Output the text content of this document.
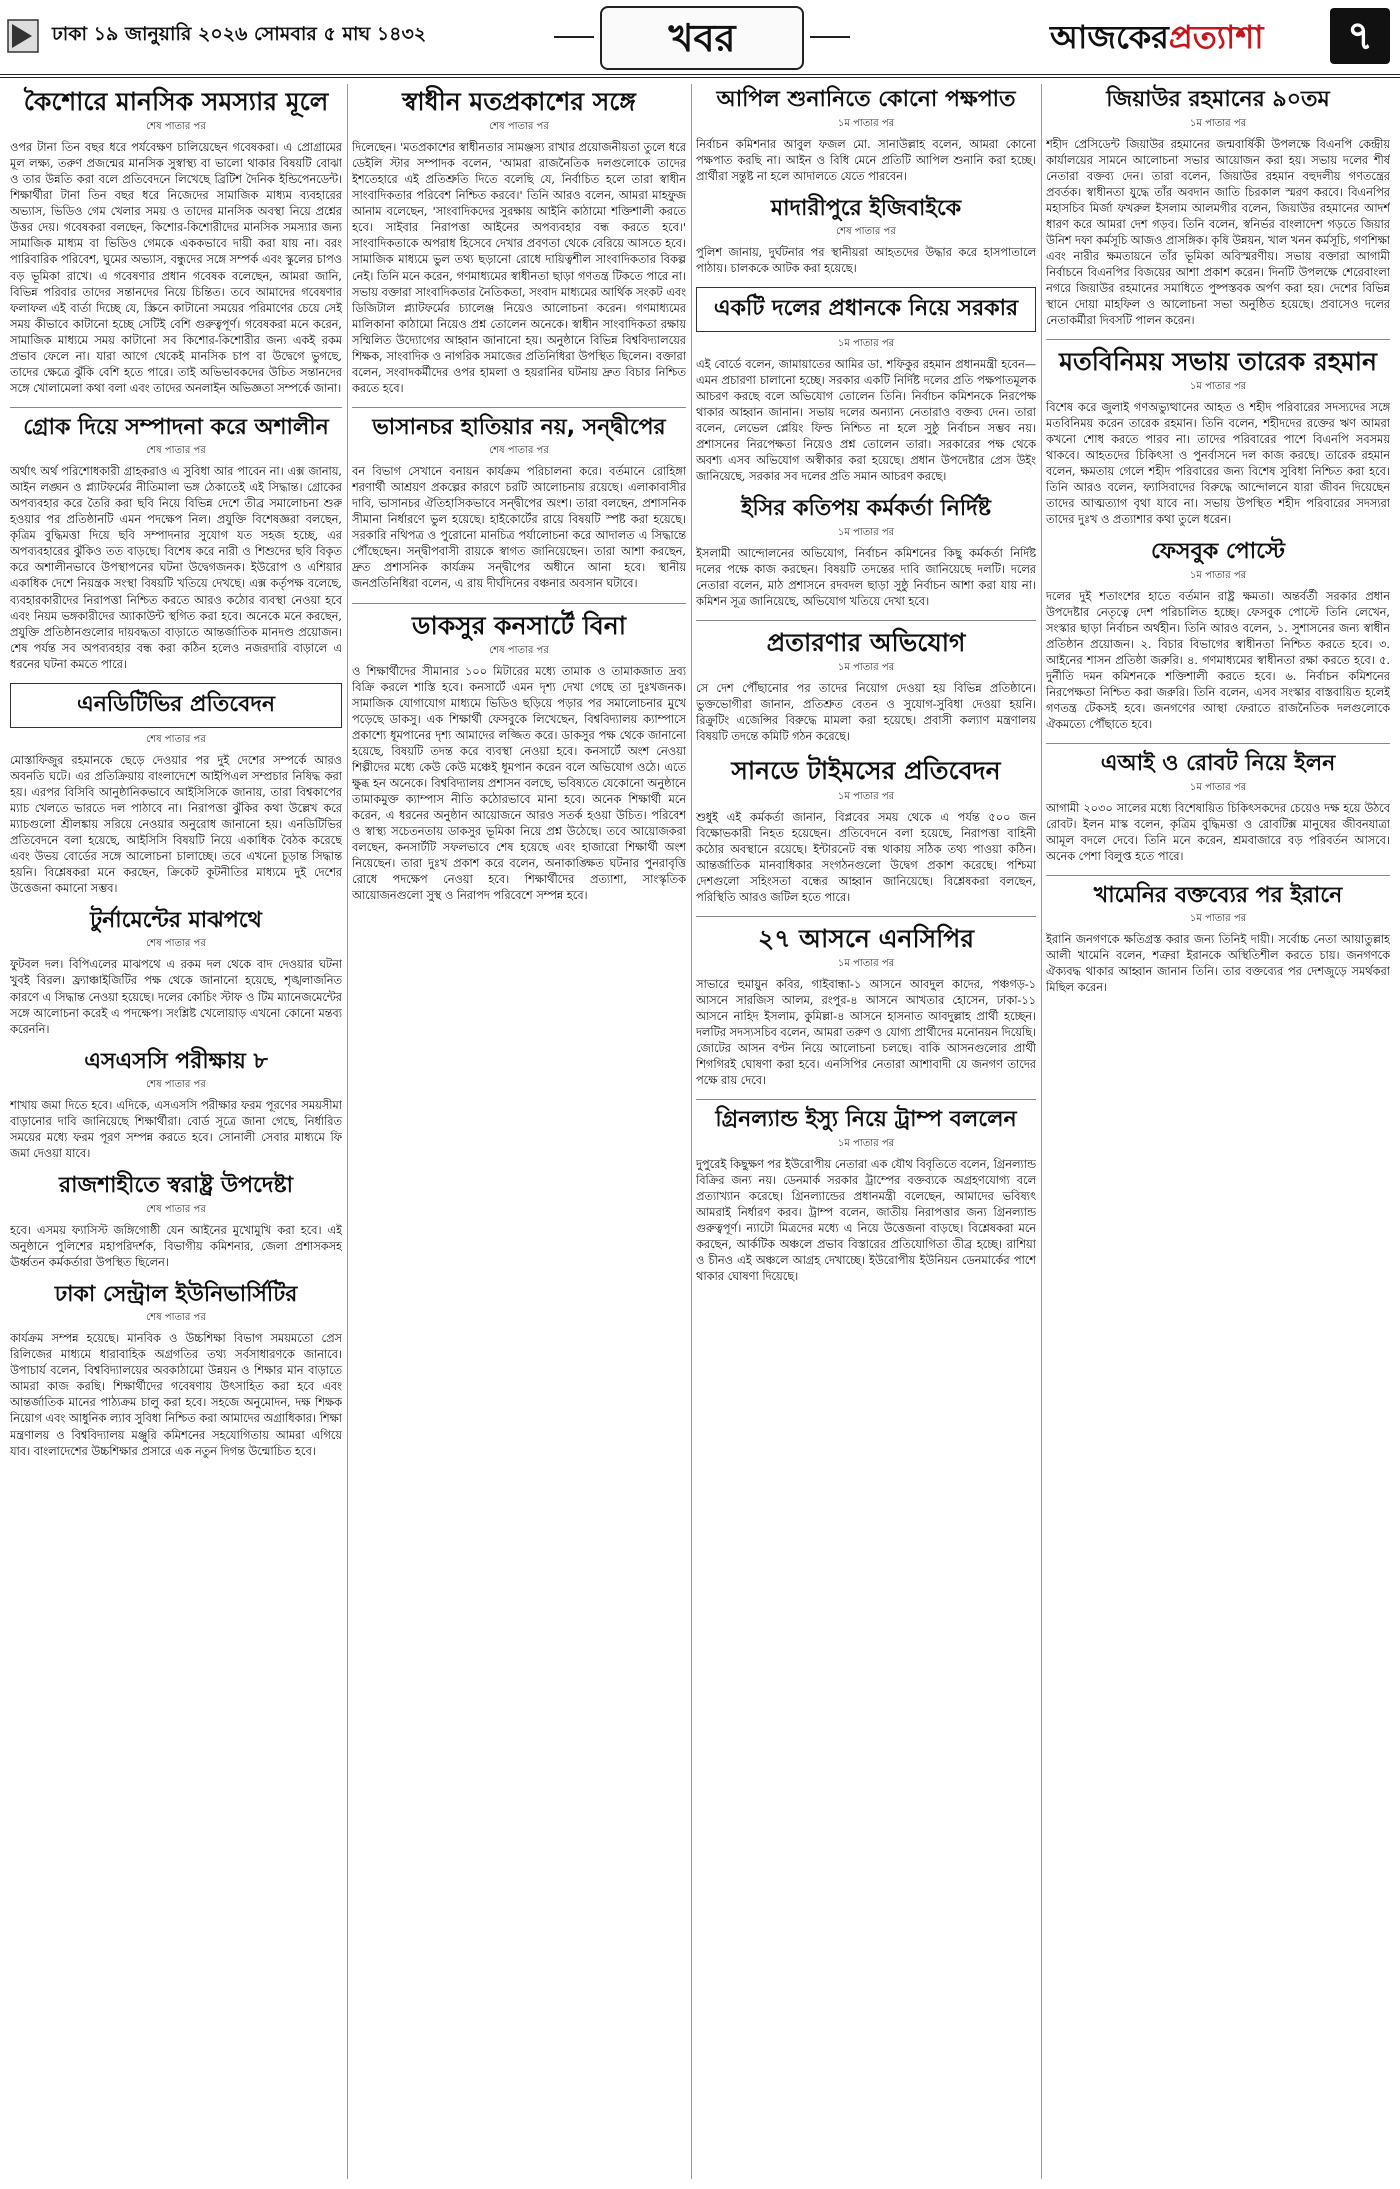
ঢাকা ১৯ জানুয়ারি ২০২৬ সোমবার ৫ মাঘ ১৪৩২	খবর	আজকেরপ্রত্যাশা	৭
কৈশোরে মানসিক সমস্যার মূলে
শেষ পাতার পর

ওপর টানা তিন বছর ধরে পর্যবেক্ষণ চালিয়েছেন গবেষকরা। এ প্রোগ্রামের মূল লক্ষ্য, তরুণ প্রজন্মের মানসিক সুস্বাস্থ্য বা ভালো থাকার বিষয়টি বোঝা ও তার উন্নতি করা বলে প্রতিবেদনে লিখেছে ব্রিটিশ দৈনিক ইন্ডিপেনডেন্ট। শিক্ষার্থীরা টানা তিন বছর ধরে নিজেদের সামাজিক মাধ্যম ব্যবহারের অভ্যাস, ভিডিও গেম খেলার সময় ও তাদের মানসিক অবস্থা নিয়ে প্রশ্নের উত্তর দেয়। গবেষকরা বলছেন, কিশোর-কিশোরীদের মানসিক সমস্যার জন্য সামাজিক মাধ্যম বা ভিডিও গেমকে এককভাবে দায়ী করা যায় না। বরং পারিবারিক পরিবেশ, ঘুমের অভ্যাস, বন্ধুদের সঙ্গে সম্পর্ক এবং স্কুলের চাপও বড় ভূমিকা রাখে। এ গবেষণার প্রধান গবেষক বলেছেন, আমরা জানি, বিভিন্ন পরিবার তাদের সন্তানদের নিয়ে চিন্তিত। তবে আমাদের গবেষণার ফলাফল এই বার্তা দিচ্ছে যে, স্ক্রিনে কাটানো সময়ের পরিমাণের চেয়ে সেই সময় কীভাবে কাটানো হচ্ছে সেটিই বেশি গুরুত্বপূর্ণ। গবেষকরা মনে করেন, সামাজিক মাধ্যমে সময় কাটানো সব কিশোর-কিশোরীর জন্য একই রকম প্রভাব ফেলে না। যারা আগে থেকেই মানসিক চাপ বা উদ্বেগে ভুগছে, তাদের ক্ষেত্রে ঝুঁকি বেশি হতে পারে। তাই অভিভাবকদের উচিত সন্তানদের সঙ্গে খোলামেলা কথা বলা এবং তাদের অনলাইন অভিজ্ঞতা সম্পর্কে জানা।

গ্রোক দিয়ে সম্পাদনা করে অশালীন
শেষ পাতার পর

অর্থাৎ অর্থ পরিশোধকারী গ্রাহকরাও এ সুবিধা আর পাবেন না। এক্স জানায়, আইন লঙ্ঘন ও প্ল্যাটফর্মের নীতিমালা ভঙ্গ ঠেকাতেই এই সিদ্ধান্ত। গ্রোকের অপব্যবহার করে তৈরি করা ছবি নিয়ে বিভিন্ন দেশে তীব্র সমালোচনা শুরু হওয়ার পর প্রতিষ্ঠানটি এমন পদক্ষেপ নিল। প্রযুক্তি বিশেষজ্ঞরা বলছেন, কৃত্রিম বুদ্ধিমত্তা দিয়ে ছবি সম্পাদনার সুযোগ যত সহজ হচ্ছে, এর অপব্যবহারের ঝুঁকিও তত বাড়ছে। বিশেষ করে নারী ও শিশুদের ছবি বিকৃত করে অশালীনভাবে উপস্থাপনের ঘটনা উদ্বেগজনক। ইউরোপ ও এশিয়ার একাধিক দেশে নিয়ন্ত্রক সংস্থা বিষয়টি খতিয়ে দেখছে। এক্স কর্তৃপক্ষ বলেছে, ব্যবহারকারীদের নিরাপত্তা নিশ্চিত করতে আরও কঠোর ব্যবস্থা নেওয়া হবে এবং নিয়ম ভঙ্গকারীদের অ্যাকাউন্ট স্থগিত করা হবে। অনেকে মনে করছেন, প্রযুক্তি প্রতিষ্ঠানগুলোর দায়বদ্ধতা বাড়াতে আন্তর্জাতিক মানদণ্ড প্রয়োজন। শেষ পর্যন্ত সব অপব্যবহার বন্ধ করা কঠিন হলেও নজরদারি বাড়ালে এ ধরনের ঘটনা কমতে পারে।

এনডিটিভির প্রতিবেদন
শেষ পাতার পর

মোস্তাফিজুর রহমানকে ছেড়ে দেওয়ার পর দুই দেশের সম্পর্কে আরও অবনতি ঘটে। এর প্রতিক্রিয়ায় বাংলাদেশে আইপিএল সম্প্রচার নিষিদ্ধ করা হয়। এরপর বিসিবি আনুষ্ঠানিকভাবে আইসিসিকে জানায়, তারা বিশ্বকাপের ম্যাচ খেলতে ভারতে দল পাঠাবে না। নিরাপত্তা ঝুঁকির কথা উল্লেখ করে ম্যাচগুলো শ্রীলঙ্কায় সরিয়ে নেওয়ার অনুরোধ জানানো হয়। এনডিটিভির প্রতিবেদনে বলা হয়েছে, আইসিসি বিষয়টি নিয়ে একাধিক বৈঠক করেছে এবং উভয় বোর্ডের সঙ্গে আলোচনা চালাচ্ছে। তবে এখনো চূড়ান্ত সিদ্ধান্ত হয়নি। বিশ্লেষকরা মনে করছেন, ক্রিকেট কূটনীতির মাধ্যমে দুই দেশের উত্তেজনা কমানো সম্ভব।

টুর্নামেন্টের মাঝপথে
শেষ পাতার পর

ফুটবল দল। বিপিএলের মাঝপথে এ রকম দল থেকে বাদ দেওয়ার ঘটনা খুবই বিরল। ফ্র্যাঞ্চাইজিটির পক্ষ থেকে জানানো হয়েছে, শৃঙ্খলাজনিত কারণে এ সিদ্ধান্ত নেওয়া হয়েছে। দলের কোচিং স্টাফ ও টিম ম্যানেজমেন্টের সঙ্গে আলোচনা করেই এ পদক্ষেপ। সংশ্লিষ্ট খেলোয়াড় এখনো কোনো মন্তব্য করেননি।

এসএসসি পরীক্ষায় ৮
শেষ পাতার পর

শাখায় জমা দিতে হবে। এদিকে, এসএসসি পরীক্ষার ফরম পূরণের সময়সীমা বাড়ানোর দাবি জানিয়েছে শিক্ষার্থীরা। বোর্ড সূত্রে জানা গেছে, নির্ধারিত সময়ের মধ্যে ফরম পূরণ সম্পন্ন করতে হবে। সোনালী সেবার মাধ্যমে ফি জমা দেওয়া যাবে।

রাজশাহীতে স্বরাষ্ট্র উপদেষ্টা
শেষ পাতার পর

হবে। এসময় ফ্যাসিস্ট জঙ্গিগোষ্ঠী যেন আইনের মুখোমুখি করা হবে। এই অনুষ্ঠানে পুলিশের মহাপরিদর্শক, বিভাগীয় কমিশনার, জেলা প্রশাসকসহ ঊর্ধ্বতন কর্মকর্তারা উপস্থিত ছিলেন।

ঢাকা সেন্ট্রাল ইউনিভার্সিটির
শেষ পাতার পর

কার্যক্রম সম্পন্ন হয়েছে। মানবিক ও উচ্চশিক্ষা বিভাগ সময়মতো প্রেস রিলিজের মাধ্যমে ধারাবাহিক অগ্রগতির তথ্য সর্বসাধারণকে জানাবে। উপাচার্য বলেন, বিশ্ববিদ্যালয়ের অবকাঠামো উন্নয়ন ও শিক্ষার মান বাড়াতে আমরা কাজ করছি। শিক্ষার্থীদের গবেষণায় উৎসাহিত করা হবে এবং আন্তর্জাতিক মানের পাঠ্যক্রম চালু করা হবে। সহজে অনুমোদন, দক্ষ শিক্ষক নিয়োগ এবং আধুনিক ল্যাব সুবিধা নিশ্চিত করা আমাদের অগ্রাধিকার। শিক্ষা মন্ত্রণালয় ও বিশ্ববিদ্যালয় মঞ্জুরি কমিশনের সহযোগিতায় আমরা এগিয়ে যাব। বাংলাদেশের উচ্চশিক্ষার প্রসারে এক নতুন দিগন্ত উন্মোচিত হবে।

স্বাধীন মতপ্রকাশের সঙ্গে
শেষ পাতার পর

দিলেছেন। 'মতপ্রকাশের স্বাধীনতার সামঞ্জস্য রাখার প্রয়োজনীয়তা তুলে ধরে ডেইলি স্টার সম্পাদক বলেন, 'আমরা রাজনৈতিক দলগুলোকে তাদের ইশতেহারে এই প্রতিশ্রুতি দিতে বলেছি যে, নির্বাচিত হলে তারা স্বাধীন সাংবাদিকতার পরিবেশ নিশ্চিত করবে।' তিনি আরও বলেন, আমরা মাহফুজ আনাম বলেছেন, 'সাংবাদিকদের সুরক্ষায় আইনি কাঠামো শক্তিশালী করতে হবে। সাইবার নিরাপত্তা আইনের অপব্যবহার বন্ধ করতে হবে।' সাংবাদিকতাকে অপরাধ হিসেবে দেখার প্রবণতা থেকে বেরিয়ে আসতে হবে। সামাজিক মাধ্যমে ভুল তথ্য ছড়ানো রোধে দায়িত্বশীল সাংবাদিকতার বিকল্প নেই। তিনি মনে করেন, গণমাধ্যমের স্বাধীনতা ছাড়া গণতন্ত্র টিকতে পারে না। সভায় বক্তারা সাংবাদিকতার নৈতিকতা, সংবাদ মাধ্যমের আর্থিক সংকট এবং ডিজিটাল প্ল্যাটফর্মের চ্যালেঞ্জ নিয়েও আলোচনা করেন। গণমাধ্যমের মালিকানা কাঠামো নিয়েও প্রশ্ন তোলেন অনেকে। স্বাধীন সাংবাদিকতা রক্ষায় সম্মিলিত উদ্যোগের আহ্বান জানানো হয়। অনুষ্ঠানে বিভিন্ন বিশ্ববিদ্যালয়ের শিক্ষক, সাংবাদিক ও নাগরিক সমাজের প্রতিনিধিরা উপস্থিত ছিলেন। বক্তারা বলেন, সংবাদকর্মীদের ওপর হামলা ও হয়রানির ঘটনায় দ্রুত বিচার নিশ্চিত করতে হবে।

ভাসানচর হাতিয়ার নয়, সন্দ্বীপের
শেষ পাতার পর

বন বিভাগ সেখানে বনায়ন কার্যক্রম পরিচালনা করে। বর্তমানে রোহিঙ্গা শরণার্থী আশ্রয়ণ প্রকল্পের কারণে চরটি আলোচনায় রয়েছে। এলাকাবাসীর দাবি, ভাসানচর ঐতিহাসিকভাবে সন্দ্বীপের অংশ। তারা বলছেন, প্রশাসনিক সীমানা নির্ধারণে ভুল হয়েছে। হাইকোর্টের রায়ে বিষয়টি স্পষ্ট করা হয়েছে। সরকারি নথিপত্র ও পুরোনো মানচিত্র পর্যালোচনা করে আদালত এ সিদ্ধান্তে পৌঁছেছেন। সন্দ্বীপবাসী রায়কে স্বাগত জানিয়েছেন। তারা আশা করছেন, দ্রুত প্রশাসনিক কার্যক্রম সন্দ্বীপের অধীনে আনা হবে। স্থানীয় জনপ্রতিনিধিরা বলেন, এ রায় দীর্ঘদিনের বঞ্চনার অবসান ঘটাবে।

ডাকসুর কনসার্টে বিনা
শেষ পাতার পর

ও শিক্ষার্থীদের সীমানার ১০০ মিটারের মধ্যে তামাক ও তামাকজাত দ্রব্য বিক্রি করলে শাস্তি হবে। কনসার্টে এমন দৃশ্য দেখা গেছে তা দুঃখজনক। সামাজিক যোগাযোগ মাধ্যমে ভিডিও ছড়িয়ে পড়ার পর সমালোচনার মুখে পড়েছে ডাকসু। এক শিক্ষার্থী ফেসবুকে লিখেছেন, বিশ্ববিদ্যালয় ক্যাম্পাসে প্রকাশ্যে ধূমপানের দৃশ্য আমাদের লজ্জিত করে। ডাকসুর পক্ষ থেকে জানানো হয়েছে, বিষয়টি তদন্ত করে ব্যবস্থা নেওয়া হবে। কনসার্টে অংশ নেওয়া শিল্পীদের মধ্যে কেউ কেউ মঞ্চেই ধূমপান করেন বলে অভিযোগ ওঠে। এতে ক্ষুব্ধ হন অনেকে। বিশ্ববিদ্যালয় প্রশাসন বলছে, ভবিষ্যতে যেকোনো অনুষ্ঠানে তামাকমুক্ত ক্যাম্পাস নীতি কঠোরভাবে মানা হবে। অনেক শিক্ষার্থী মনে করেন, এ ধরনের অনুষ্ঠান আয়োজনে আরও সতর্ক হওয়া উচিত। পরিবেশ ও স্বাস্থ্য সচেতনতায় ডাকসুর ভূমিকা নিয়ে প্রশ্ন উঠেছে। তবে আয়োজকরা বলছেন, কনসার্টটি সফলভাবে শেষ হয়েছে এবং হাজারো শিক্ষার্থী অংশ নিয়েছেন। তারা দুঃখ প্রকাশ করে বলেন, অনাকাঙ্ক্ষিত ঘটনার পুনরাবৃত্তি রোধে পদক্ষেপ নেওয়া হবে। শিক্ষার্থীদের প্রত্যাশা, সাংস্কৃতিক আয়োজনগুলো সুস্থ ও নিরাপদ পরিবেশে সম্পন্ন হবে।

আপিল শুনানিতে কোনো পক্ষপাত
১ম পাতার পর

নির্বাচন কমিশনার আবুল ফজল মো. সানাউল্লাহ বলেন, আমরা কোনো পক্ষপাত করছি না। আইন ও বিধি মেনে প্রতিটি আপিল শুনানি করা হচ্ছে। প্রার্থীরা সন্তুষ্ট না হলে আদালতে যেতে পারবেন।

মাদারীপুরে ইজিবাইকে
শেষ পাতার পর

পুলিশ জানায়, দুর্ঘটনার পর স্থানীয়রা আহতদের উদ্ধার করে হাসপাতালে পাঠায়। চালককে আটক করা হয়েছে।

একটি দলের প্রধানকে নিয়ে সরকার
১ম পাতার পর

এই বোর্ডে বলেন, জামায়াতের আমির ডা. শফিকুর রহমান প্রধানমন্ত্রী হবেন—এমন প্রচারণা চালানো হচ্ছে। সরকার একটি নির্দিষ্ট দলের প্রতি পক্ষপাতমূলক আচরণ করছে বলে অভিযোগ তোলেন তিনি। নির্বাচন কমিশনকে নিরপেক্ষ থাকার আহ্বান জানান। সভায় দলের অন্যান্য নেতারাও বক্তব্য দেন। তারা বলেন, লেভেল প্লেয়িং ফিল্ড নিশ্চিত না হলে সুষ্ঠু নির্বাচন সম্ভব নয়। প্রশাসনের নিরপেক্ষতা নিয়েও প্রশ্ন তোলেন তারা। সরকারের পক্ষ থেকে অবশ্য এসব অভিযোগ অস্বীকার করা হয়েছে। প্রধান উপদেষ্টার প্রেস উইং জানিয়েছে, সরকার সব দলের প্রতি সমান আচরণ করছে।

ইসির কতিপয় কর্মকর্তা নির্দিষ্ট
১ম পাতার পর

ইসলামী আন্দোলনের অভিযোগ, নির্বাচন কমিশনের কিছু কর্মকর্তা নির্দিষ্ট দলের পক্ষে কাজ করছেন। বিষয়টি তদন্তের দাবি জানিয়েছে দলটি। দলের নেতারা বলেন, মাঠ প্রশাসনে রদবদল ছাড়া সুষ্ঠু নির্বাচন আশা করা যায় না। কমিশন সূত্র জানিয়েছে, অভিযোগ খতিয়ে দেখা হবে।

প্রতারণার অভিযোগ
১ম পাতার পর

সে দেশ পৌঁছানোর পর তাদের নিয়োগ দেওয়া হয় বিভিন্ন প্রতিষ্ঠানে। ভুক্তভোগীরা জানান, প্রতিশ্রুত বেতন ও সুযোগ-সুবিধা দেওয়া হয়নি। রিক্রুটিং এজেন্সির বিরুদ্ধে মামলা করা হয়েছে। প্রবাসী কল্যাণ মন্ত্রণালয় বিষয়টি তদন্তে কমিটি গঠন করেছে।

সানডে টাইমসের প্রতিবেদন
১ম পাতার পর

শুধুই এই কর্মকর্তা জানান, বিপ্লবের সময় থেকে এ পর্যন্ত ৫০০ জন বিক্ষোভকারী নিহত হয়েছেন। প্রতিবেদনে বলা হয়েছে, নিরাপত্তা বাহিনী কঠোর অবস্থানে রয়েছে। ইন্টারনেট বন্ধ থাকায় সঠিক তথ্য পাওয়া কঠিন। আন্তর্জাতিক মানবাধিকার সংগঠনগুলো উদ্বেগ প্রকাশ করেছে। পশ্চিমা দেশগুলো সহিংসতা বন্ধের আহ্বান জানিয়েছে। বিশ্লেষকরা বলছেন, পরিস্থিতি আরও জটিল হতে পারে।

২৭ আসনে এনসিপির
১ম পাতার পর

সাভারে হুমায়ুন কবির, গাইবান্ধা-১ আসনে আবদুল কাদের, পঞ্চগড়-১ আসনে সারজিস আলম, রংপুর-৪ আসনে আখতার হোসেন, ঢাকা-১১ আসনে নাহিদ ইসলাম, কুমিল্লা-৪ আসনে হাসনাত আবদুল্লাহ প্রার্থী হচ্ছেন। দলটির সদস্যসচিব বলেন, আমরা তরুণ ও যোগ্য প্রার্থীদের মনোনয়ন দিয়েছি। জোটের আসন বণ্টন নিয়ে আলোচনা চলছে। বাকি আসনগুলোর প্রার্থী শিগগিরই ঘোষণা করা হবে। এনসিপির নেতারা আশাবাদী যে জনগণ তাদের পক্ষে রায় দেবে।

গ্রিনল্যান্ড ইস্যু নিয়ে ট্রাম্প বললেন
১ম পাতার পর

দুপুরেই কিছুক্ষণ পর ইউরোপীয় নেতারা এক যৌথ বিবৃতিতে বলেন, গ্রিনল্যান্ড বিক্রির জন্য নয়। ডেনমার্ক সরকার ট্রাম্পের বক্তব্যকে অগ্রহণযোগ্য বলে প্রত্যাখ্যান করেছে। গ্রিনল্যান্ডের প্রধানমন্ত্রী বলেছেন, আমাদের ভবিষ্যৎ আমরাই নির্ধারণ করব। ট্রাম্প বলেন, জাতীয় নিরাপত্তার জন্য গ্রিনল্যান্ড গুরুত্বপূর্ণ। ন্যাটো মিত্রদের মধ্যে এ নিয়ে উত্তেজনা বাড়ছে। বিশ্লেষকরা মনে করছেন, আর্কটিক অঞ্চলে প্রভাব বিস্তারের প্রতিযোগিতা তীব্র হচ্ছে। রাশিয়া ও চীনও এই অঞ্চলে আগ্রহ দেখাচ্ছে। ইউরোপীয় ইউনিয়ন ডেনমার্কের পাশে থাকার ঘোষণা দিয়েছে।

জিয়াউর রহমানের ৯০তম
১ম পাতার পর

শহীদ প্রেসিডেন্ট জিয়াউর রহমানের জন্মবার্ষিকী উপলক্ষে বিএনপি কেন্দ্রীয় কার্যালয়ের সামনে আলোচনা সভার আয়োজন করা হয়। সভায় দলের শীর্ষ নেতারা বক্তব্য দেন। তারা বলেন, জিয়াউর রহমান বহুদলীয় গণতন্ত্রের প্রবর্তক। স্বাধীনতা যুদ্ধে তাঁর অবদান জাতি চিরকাল স্মরণ করবে। বিএনপির মহাসচিব মির্জা ফখরুল ইসলাম আলমগীর বলেন, জিয়াউর রহমানের আদর্শ ধারণ করে আমরা দেশ গড়ব। তিনি বলেন, স্বনির্ভর বাংলাদেশ গড়তে জিয়ার উনিশ দফা কর্মসূচি আজও প্রাসঙ্গিক। কৃষি উন্নয়ন, খাল খনন কর্মসূচি, গণশিক্ষা এবং নারীর ক্ষমতায়নে তাঁর ভূমিকা অবিস্মরণীয়। সভায় বক্তারা আগামী নির্বাচনে বিএনপির বিজয়ের আশা প্রকাশ করেন। দিনটি উপলক্ষে শেরেবাংলা নগরে জিয়াউর রহমানের সমাধিতে পুষ্পস্তবক অর্পণ করা হয়। দেশের বিভিন্ন স্থানে দোয়া মাহফিল ও আলোচনা সভা অনুষ্ঠিত হয়েছে। প্রবাসেও দলের নেতাকর্মীরা দিবসটি পালন করেন।

মতবিনিময় সভায় তারেক রহমান
১ম পাতার পর

বিশেষ করে জুলাই গণঅভ্যুত্থানের আহত ও শহীদ পরিবারের সদস্যদের সঙ্গে মতবিনিময় করেন তারেক রহমান। তিনি বলেন, শহীদদের রক্তের ঋণ আমরা কখনো শোধ করতে পারব না। তাদের পরিবারের পাশে বিএনপি সবসময় থাকবে। আহতদের চিকিৎসা ও পুনর্বাসনে দল কাজ করছে। তারেক রহমান বলেন, ক্ষমতায় গেলে শহীদ পরিবারের জন্য বিশেষ সুবিধা নিশ্চিত করা হবে। তিনি আরও বলেন, ফ্যাসিবাদের বিরুদ্ধে আন্দোলনে যারা জীবন দিয়েছেন তাদের আত্মত্যাগ বৃথা যাবে না। সভায় উপস্থিত শহীদ পরিবারের সদস্যরা তাদের দুঃখ ও প্রত্যাশার কথা তুলে ধরেন।

ফেসবুক পোস্টে
১ম পাতার পর

দলের দুই শতাংশের হাতে বর্তমান রাষ্ট্র ক্ষমতা। অন্তর্বর্তী সরকার প্রধান উপদেষ্টার নেতৃত্বে দেশ পরিচালিত হচ্ছে। ফেসবুক পোস্টে তিনি লেখেন, সংস্কার ছাড়া নির্বাচন অর্থহীন। তিনি আরও বলেন, ১. সুশাসনের জন্য স্বাধীন প্রতিষ্ঠান প্রয়োজন। ২. বিচার বিভাগের স্বাধীনতা নিশ্চিত করতে হবে। ৩. আইনের শাসন প্রতিষ্ঠা জরুরি। ৪. গণমাধ্যমের স্বাধীনতা রক্ষা করতে হবে। ৫. দুর্নীতি দমন কমিশনকে শক্তিশালী করতে হবে। ৬. নির্বাচন কমিশনের নিরপেক্ষতা নিশ্চিত করা জরুরি। তিনি বলেন, এসব সংস্কার বাস্তবায়িত হলেই গণতন্ত্র টেকসই হবে। জনগণের আস্থা ফেরাতে রাজনৈতিক দলগুলোকে ঐকমত্যে পৌঁছাতে হবে।

এআই ও রোবট নিয়ে ইলন
১ম পাতার পর

আগামী ২০৩০ সালের মধ্যে বিশেষায়িত চিকিৎসকদের চেয়েও দক্ষ হয়ে উঠবে রোবট। ইলন মাস্ক বলেন, কৃত্রিম বুদ্ধিমত্তা ও রোবটিক্স মানুষের জীবনযাত্রা আমূল বদলে দেবে। তিনি মনে করেন, শ্রমবাজারে বড় পরিবর্তন আসবে। অনেক পেশা বিলুপ্ত হতে পারে।

খামেনির বক্তব্যের পর ইরানে
১ম পাতার পর

ইরানি জনগণকে ক্ষতিগ্রস্ত করার জন্য তিনিই দায়ী। সর্বোচ্চ নেতা আয়াতুল্লাহ আলী খামেনি বলেন, শত্রুরা ইরানকে অস্থিতিশীল করতে চায়। জনগণকে ঐক্যবদ্ধ থাকার আহ্বান জানান তিনি। তার বক্তব্যের পর দেশজুড়ে সমর্থকরা মিছিল করেন।
